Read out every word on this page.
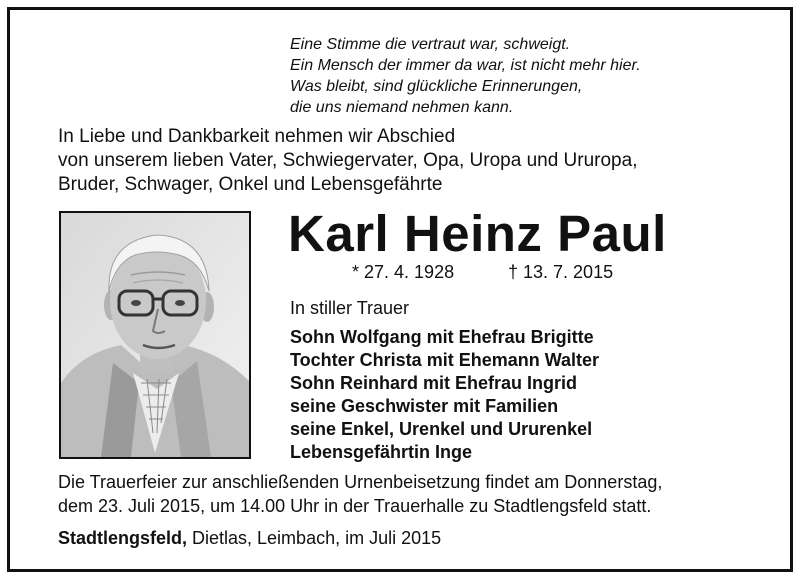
Eine Stimme die vertraut war, schweigt.
Ein Mensch der immer da war, ist nicht mehr hier.
Was bleibt, sind glückliche Erinnerungen,
die uns niemand nehmen kann.
In Liebe und Dankbarkeit nehmen wir Abschied
von unserem lieben Vater, Schwiegervater, Opa, Uropa und Ururopa,
Bruder, Schwager, Onkel und Lebensgefährte
Karl Heinz Paul
* 27. 4. 1928	† 13. 7. 2015
In stiller Trauer
Sohn Wolfgang mit Ehefrau Brigitte
Tochter Christa mit Ehemann Walter
Sohn Reinhard mit Ehefrau Ingrid
seine Geschwister mit Familien
seine Enkel, Urenkel und Ururenkel
Lebensgefährtin Inge
Die Trauerfeier zur anschließenden Urnenbeisetzung findet am Donnerstag,
dem 23. Juli 2015, um 14.00 Uhr in der Trauerhalle zu Stadtlengsfeld statt.
Stadtlengsfeld, Dietlas, Leimbach, im Juli 2015
